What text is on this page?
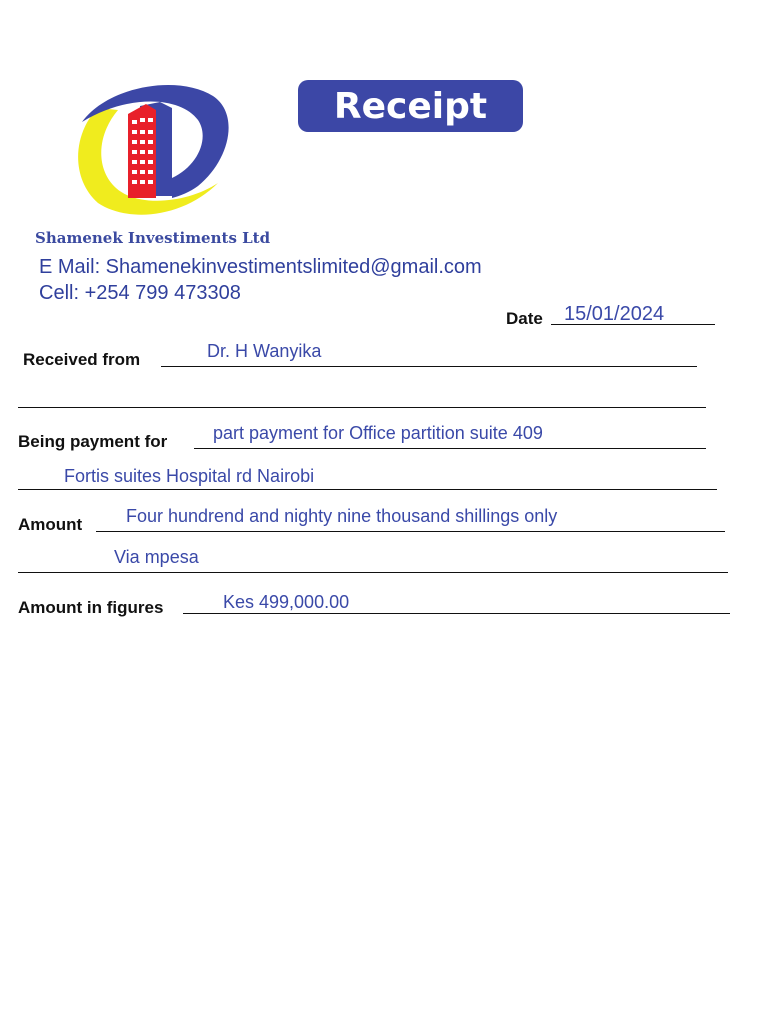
Receipt
Shamenek Investiments Ltd
E Mail: Shamenekinvestimentslimited@gmail.com
Cell: +254 799 473308
Date 15/01/2024
Received from	Dr. H Wanyika
Being payment for	part payment for Office partition suite 409
Fortis suites Hospital rd Nairobi
Amount Four hundrend and nighty nine thousand shillings only
Via mpesa
Amount in figures	Kes 499,000.00
